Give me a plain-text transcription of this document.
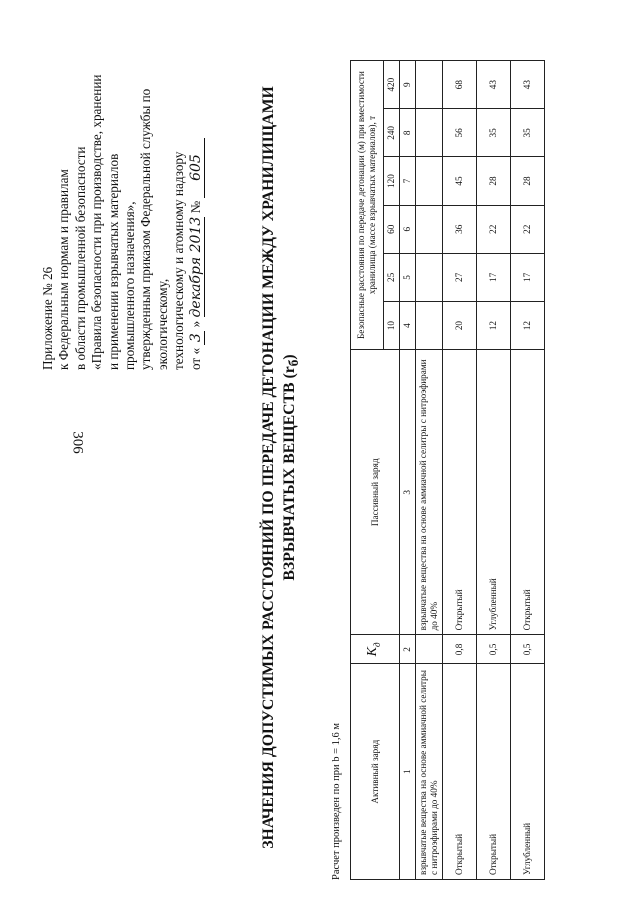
306
Приложение № 26 к Федеральным нормам и правилам в области промышленной безопасности «Правила безопасности при производстве, хранении и применении взрывчатых материалов промышленного назначения», утвержденным приказом Федеральной службы по экологическому, технологическому и атомному надзору от « 3 » декабря 2013 № 605	ЗНАЧЕНИЯ ДОПУСТИМЫХ РАССТОЯНИЙ ПО ПЕРЕДАЧЕ ДЕТОНАЦИИ МЕЖДУ ХРАНИЛИЩАМИ ВЗРЫВЧАТЫХ ВЕЩЕСТВ $(r_б)$
Расчет произведен по при b = 1,6 м	Активный заряд	$K_д$	Пассивный заряд	Безопасные расстояния по передаче детонации (м) при вместимости хранилища (массе взрывчатых материалов), т					
			10	25	60	120	240	420
1	2	3	4	5	6	7	8	9
взрывчатые вещества на основе аммиачной селитры с нитроэфирами до 40%		взрывчатые вещества на основе аммиачной селитры с нитроэфирами до 40%						
Открытый	0,8	Открытый	20	27	36	45	56	68
Открытый	0,5	Углубленный	12	17	22	28	35	43
Углубленный	0,5	Открытый	12	17	22	28	35	43
